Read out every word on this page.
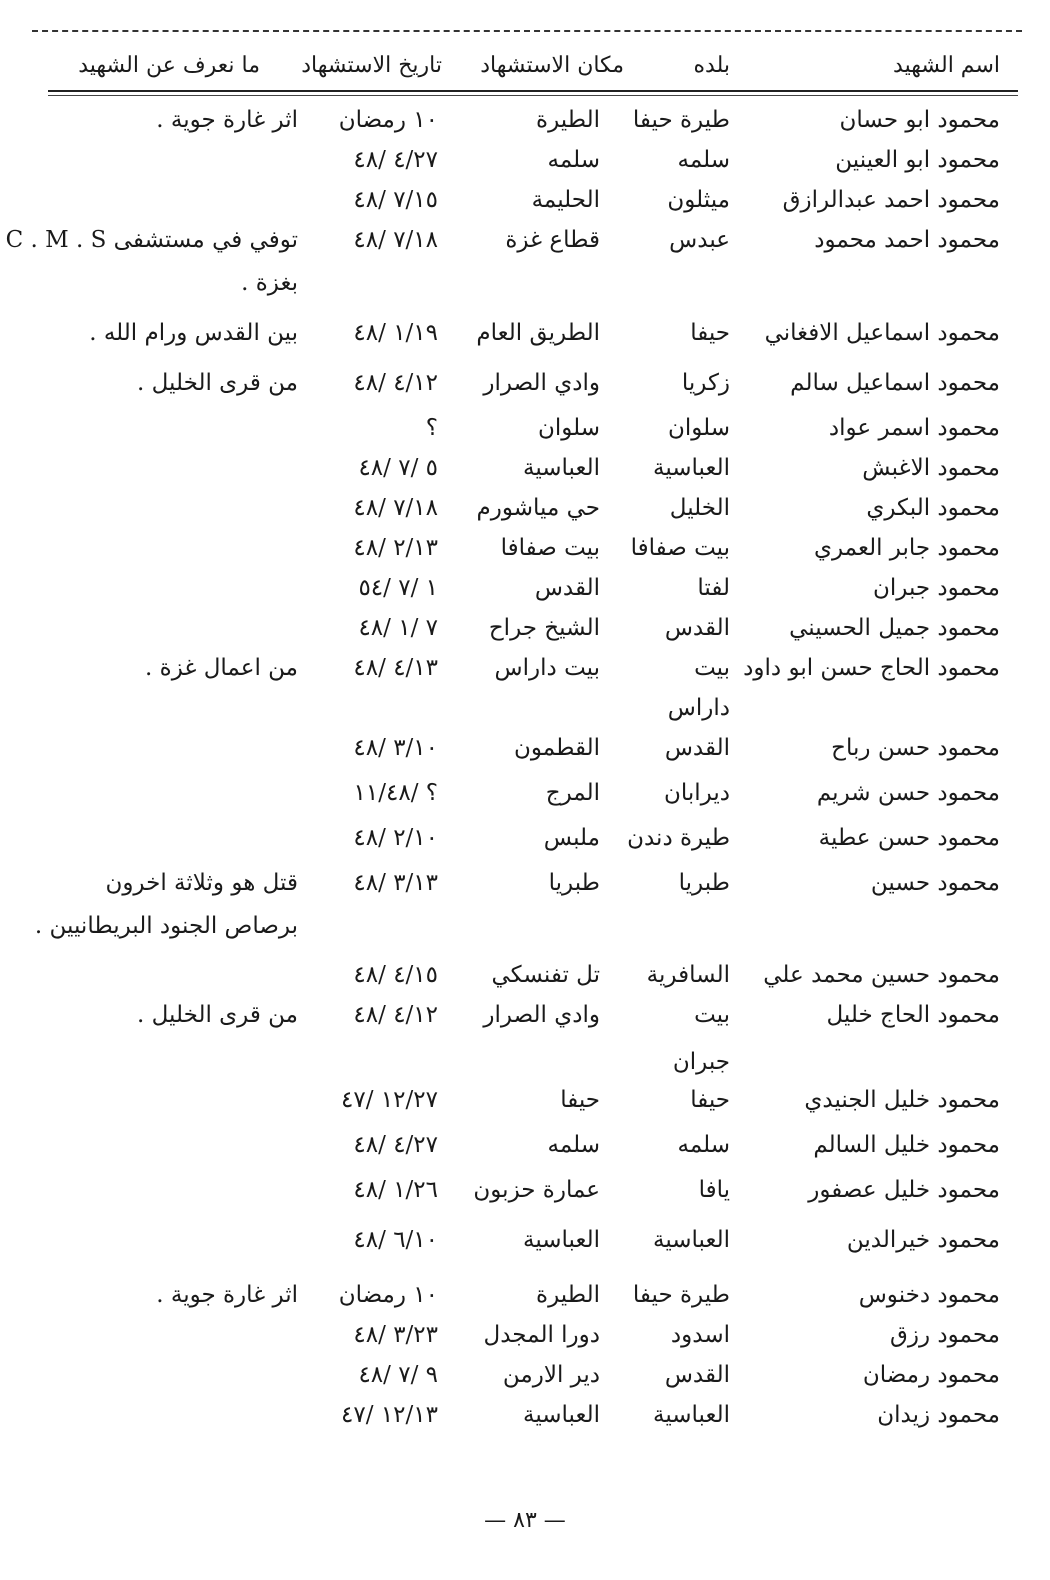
اسم الشهيد
بلده
مكان الاستشهاد
تاريخ الاستشهاد
ما نعرف عن الشهيد
محمود ابو حسان
طيرة حيفا
الطيرة
١٠ رمضان
اثر غارة جوية .
محمود ابو العينين
سلمه
سلمه
٤/٢٧ /٤٨
محمود احمد عبدالرازق
ميثلون
الحليمة
٧/١٥ /٤٨
محمود احمد محمود
عبدس
قطاع غزة
٧/١٨ /٤٨
توفي في مستشفى C . M . S
محمود اسماعيل الافغاني
حيفا
الطريق العام
١/١٩ /٤٨
بين القدس ورام الله .
محمود اسماعيل سالم
زكريا
وادي الصرار
٤/١٢ /٤٨
من قرى الخليل .
محمود اسمر عواد
سلوان
سلوان
؟
محمود الاغبش
العباسية
العباسية
٥ /٧ /٤٨
محمود البكري
الخليل
حي مياشورم
٧/١٨ /٤٨
محمود جابر العمري
بيت صفافا
بيت صفافا
٢/١٣ /٤٨
محمود جبران
لفتا
القدس
١ /٧ /٥٤
محمود جميل الحسيني
القدس
الشيخ جراح
٧ /١ /٤٨
محمود الحاج حسن ابو داود
بيت
بيت داراس
٤/١٣ /٤٨
من اعمال غزة .
محمود حسن رباح
القدس
القطمون
٣/١٠ /٤٨
محمود حسن شريم
ديرابان
المرج
؟ /١١/٤٨
محمود حسن عطية
طيرة دندن
ملبس
٢/١٠ /٤٨
محمود حسين
طبريا
طبريا
٣/١٣ /٤٨
قتل هو وثلاثة اخرون
محمود حسين محمد علي
السافرية
تل تفنسكي
٤/١٥ /٤٨
محمود الحاج خليل
بيت
وادي الصرار
٤/١٢ /٤٨
من قرى الخليل .
محمود خليل الجنيدي
حيفا
حيفا
١٢/٢٧ /٤٧
محمود خليل السالم
سلمه
سلمه
٤/٢٧ /٤٨
محمود خليل عصفور
يافا
عمارة حزبون
١/٢٦ /٤٨
محمود خيرالدين
العباسية
العباسية
٦/١٠ /٤٨
محمود دخنوس
طيرة حيفا
الطيرة
١٠ رمضان
اثر غارة جوية .
محمود رزق
اسدود
دورا المجدل
٣/٢٣ /٤٨
محمود رمضان
القدس
دير الارمن
٩ /٧ /٤٨
محمود زيدان
العباسية
العباسية
١٢/١٣ /٤٧
بغزة .
داراس
برصاص الجنود البريطانيين .
جبران
— ٨٣ —
